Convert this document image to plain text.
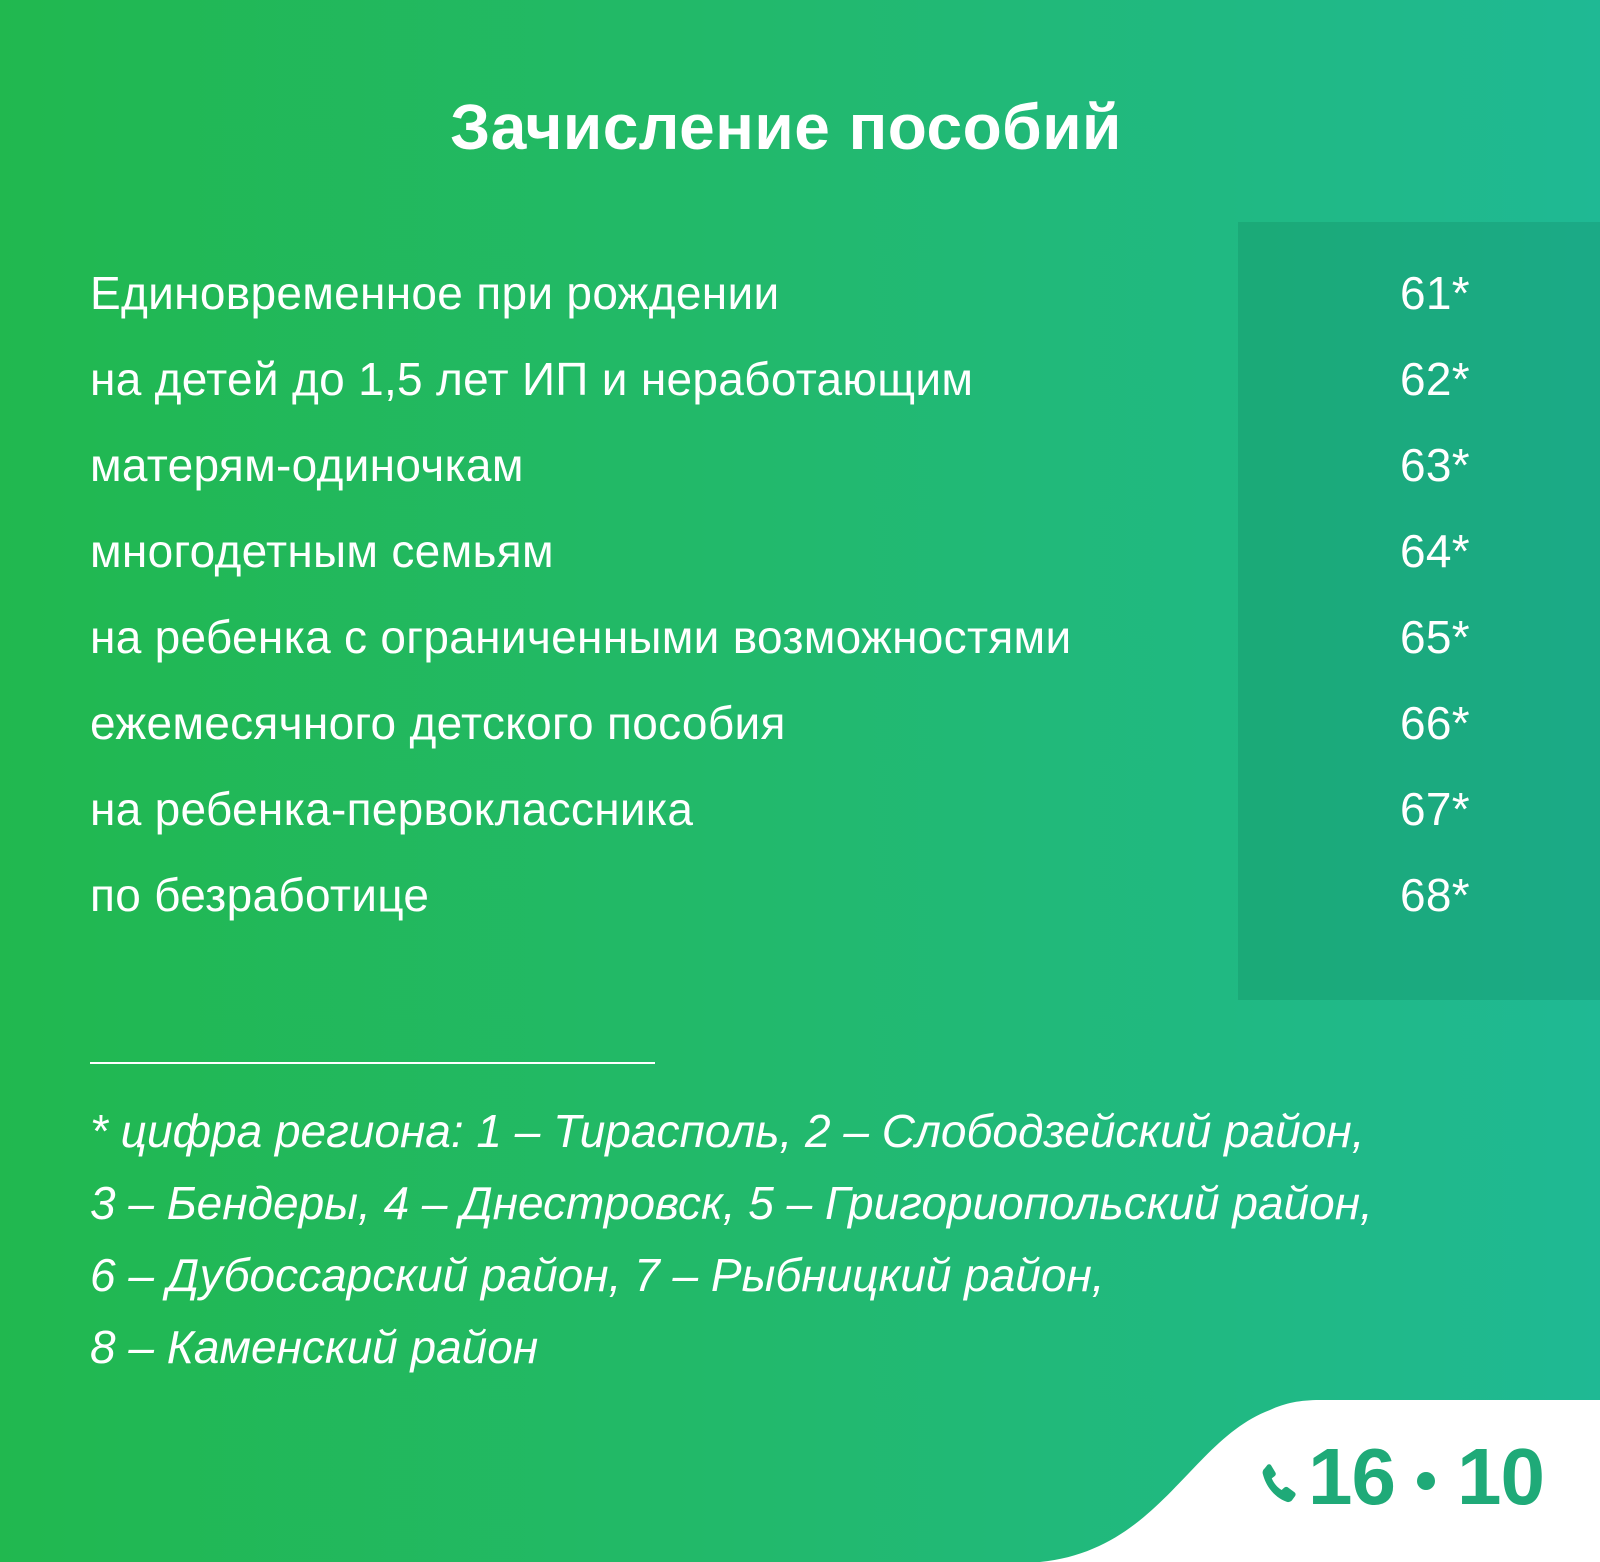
Зачисление пособий
Единовременное при рождении	61*
на детей до 1,5 лет ИП и неработающим	62*
матерям-одиночкам	63*
многодетным семьям	64*
на ребенка с ограниченными возможностями	65*
ежемесячного детского пособия	66*
на ребенка-первоклассника	67*
по безработице	68*
* цифра региона: 1 – Тирасполь, 2 – Слободзейский район,
3 – Бендеры, 4 – Днестровск, 5 – Григориопольский район,
6 – Дубоссарский район, 7 – Рыбницкий район,
8 – Каменский район
16 10
